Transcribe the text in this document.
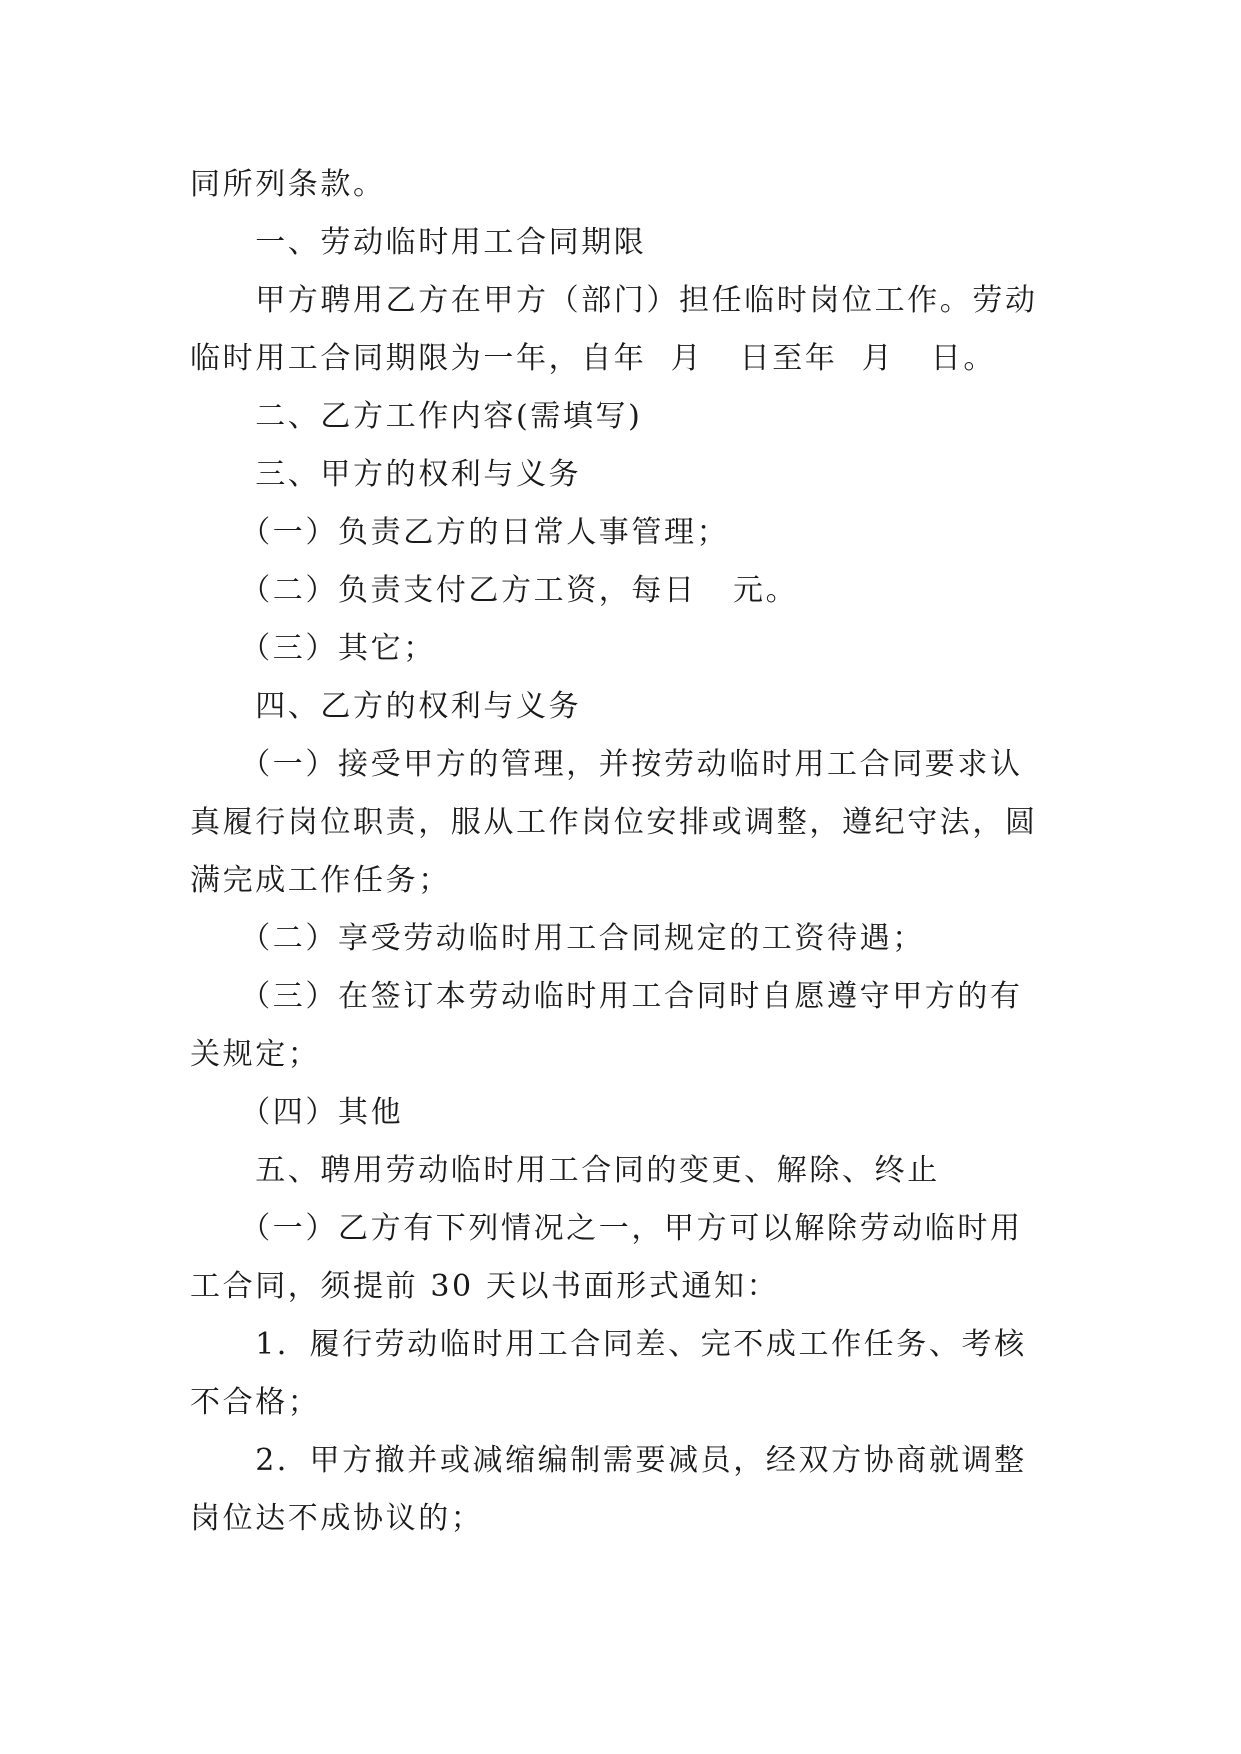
同所列条款。
　　一、劳动临时用工合同期限
　　甲方聘用乙方在甲方（部门）担任临时岗位工作。劳动
临时用工合同期限为一年，自年  月   日至年  月   日。
　　二、乙方工作内容(需填写)
　　三、甲方的权利与义务
　　（一）负责乙方的日常人事管理；
　　（二）负责支付乙方工资，每日   元。
　　（三）其它；
　　四、乙方的权利与义务
　　（一）接受甲方的管理，并按劳动临时用工合同要求认
真履行岗位职责，服从工作岗位安排或调整，遵纪守法，圆
满完成工作任务；
　　（二）享受劳动临时用工合同规定的工资待遇；
　　（三）在签订本劳动临时用工合同时自愿遵守甲方的有
关规定；
　　（四）其他
　　五、聘用劳动临时用工合同的变更、解除、终止
　　（一）乙方有下列情况之一，甲方可以解除劳动临时用
工合同，须提前 30 天以书面形式通知：
　　1．履行劳动临时用工合同差、完不成工作任务、考核
不合格；
　　2．甲方撤并或减缩编制需要减员，经双方协商就调整
岗位达不成协议的；
